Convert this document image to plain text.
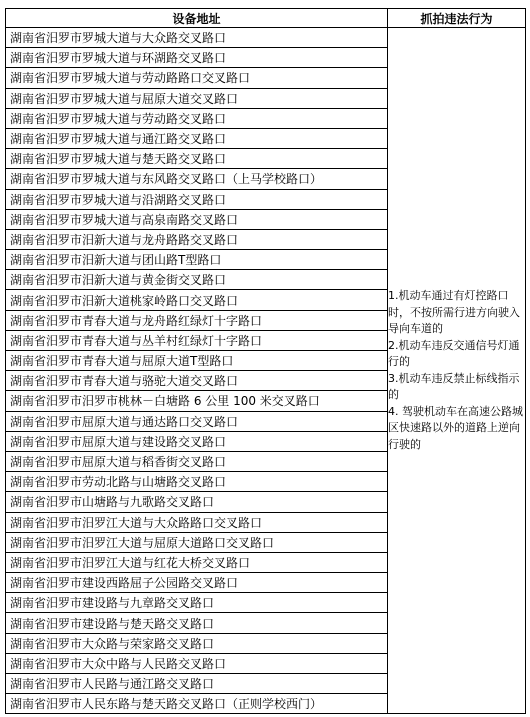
设备地址	抓拍违法行为
湖南省汨罗市罗城大道与大众路交叉路口	1.机动车通过有灯控路口时，不按所需行进方向驶入导向车道的
2.机动车违反交通信号灯通行的
3.机动车违反禁止标线指示的
4. 驾驶机动车在高速公路城区快速路以外的道路上逆向行驶的

湖南省汨罗市罗城大道与环湖路交叉路口	
湖南省汨罗市罗城大道与劳动路路口交叉路口	
湖南省汨罗市罗城大道与屈原大道交叉路口	
湖南省汨罗市罗城大道与劳动路交叉路口	
湖南省汨罗市罗城大道与通江路交叉路口	
湖南省汨罗市罗城大道与楚天路交叉路口	
湖南省汨罗市罗城大道与东风路交叉路口（上马学校路口）	
湖南省汨罗市罗城大道与沿湖路交叉路口	
湖南省汨罗市罗城大道与高泉南路交叉路口	
湖南省汨罗市汨新大道与龙舟路路交叉路口	
湖南省汨罗市汨新大道与团山路T型路口	
湖南省汨罗市汨新大道与黄金街交叉路口	
湖南省汨罗市汨新大道桃家岭路口交叉路口	
湖南省汨罗市青春大道与龙舟路红绿灯十字路口	
湖南省汨罗市青春大道与丛羊村红绿灯十字路口	
湖南省汨罗市青春大道与屈原大道T型路口	
湖南省汨罗市青春大道与骆驼大道交叉路口	
湖南省汨罗市汨罗市桃林－白塘路 6 公里 100 米交叉路口	
湖南省汨罗市屈原大道与通达路口交叉路口	
湖南省汨罗市屈原大道与建设路交叉路口	
湖南省汨罗市屈原大道与稻香街交叉路口	
湖南省汨罗市劳动北路与山塘路交叉路口	
湖南省汨罗市山塘路与九歌路交叉路口	
湖南省汨罗市汨罗江大道与大众路路口交叉路口	
湖南省汨罗市汨罗江大道与屈原大道路口交叉路口	
湖南省汨罗市汨罗江大道与红花大桥交叉路口	
湖南省汨罗市建设西路屈子公园路交叉路口	
湖南省汨罗市建设路与九章路交叉路口	
湖南省汨罗市建设路与楚天路交叉路口	
湖南省汨罗市大众路与荣家路交叉路口	
湖南省汨罗市大众中路与人民路交叉路口	
湖南省汨罗市人民路与通江路交叉路口	
湖南省汨罗市人民东路与楚天路交叉路口（正则学校西门）	
